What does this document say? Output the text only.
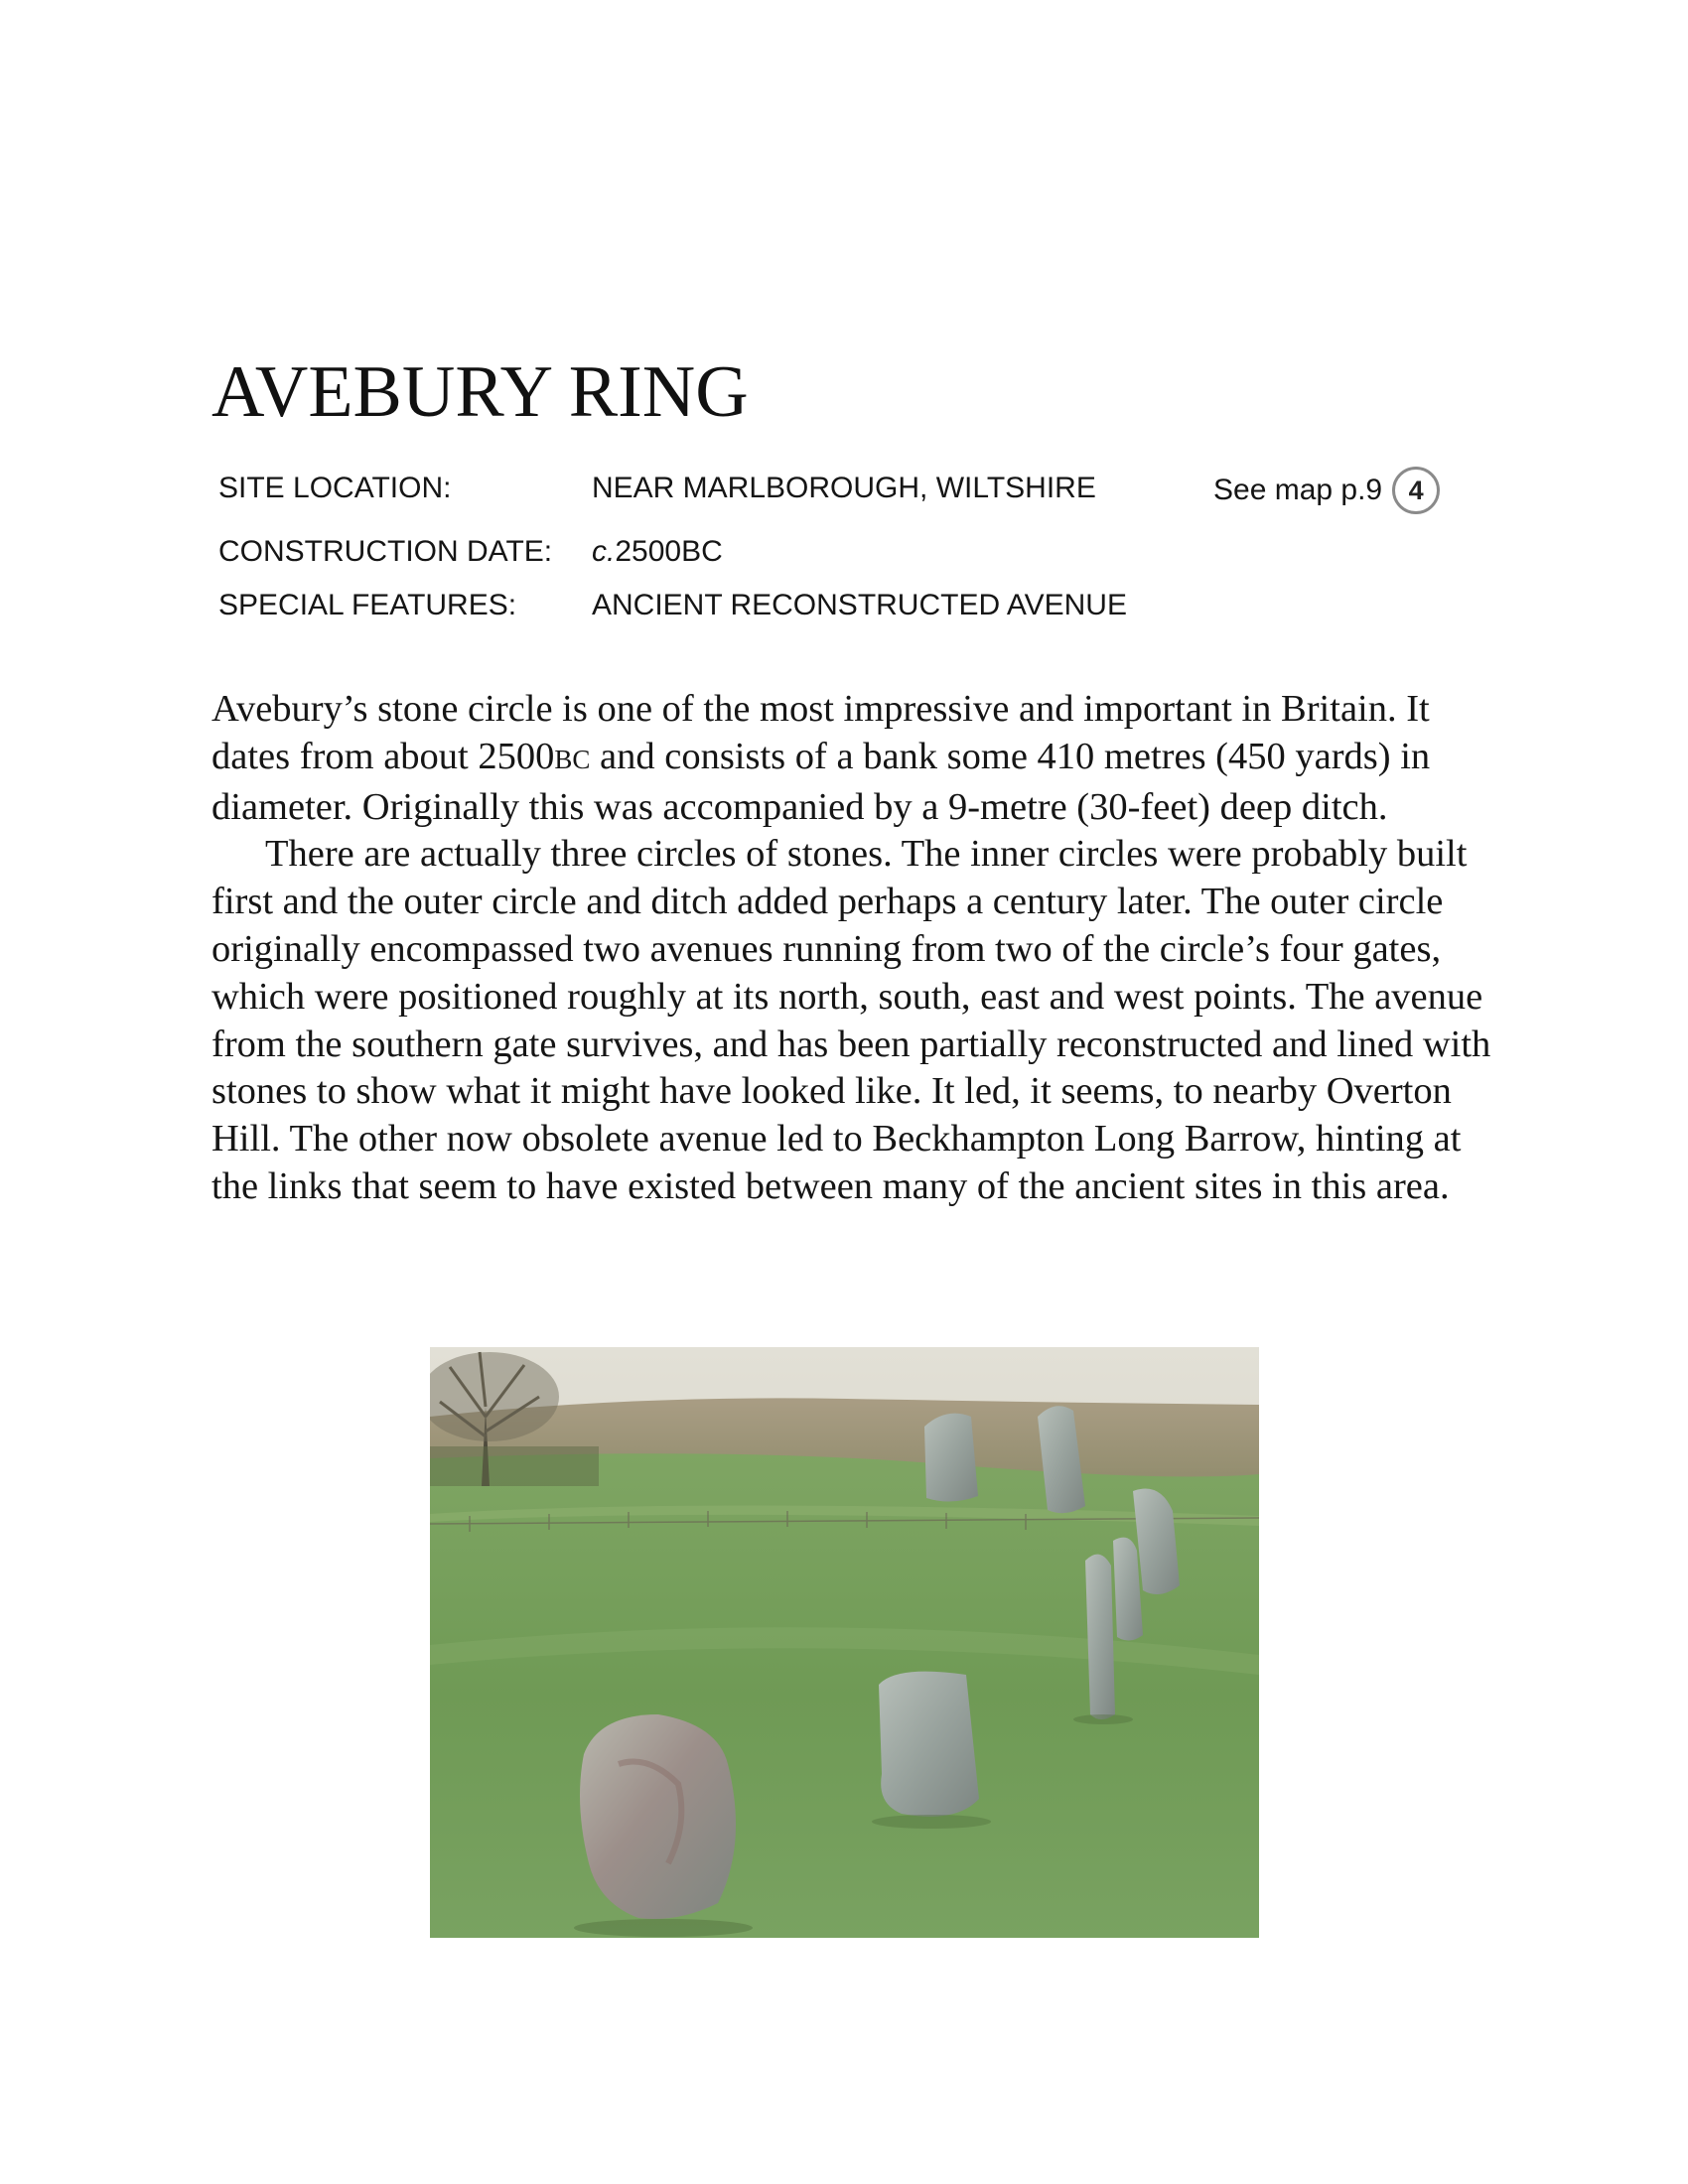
AVEBURY RING
SITE LOCATION:	NEAR MARLBOROUGH, WILTSHIRE	See map p.9 4
CONSTRUCTION DATE: c.2500BC
SPECIAL FEATURES:	ANCIENT RECONSTRUCTED AVENUE

Avebury’s stone circle is one of the most impressive and important in Britain. It dates from about 2500BC and consists of a bank some 410 metres (450 yards) in diameter. Originally this was accompanied by a 9-metre (30-feet) deep ditch.

There are actually three circles of stones. The inner circles were probably built first and the outer circle and ditch added perhaps a century later. The outer circle originally encompassed two avenues running from two of the circle’s four gates, which were positioned roughly at its north, south, east and west points. The avenue from the southern gate survives, and has been partially reconstructed and lined with stones to show what it might have looked like. It led, it seems, to nearby Overton Hill. The other now obsolete avenue led to Beckhampton Long Barrow, hinting at the links that seem to have existed between many of the ancient sites in this area.
